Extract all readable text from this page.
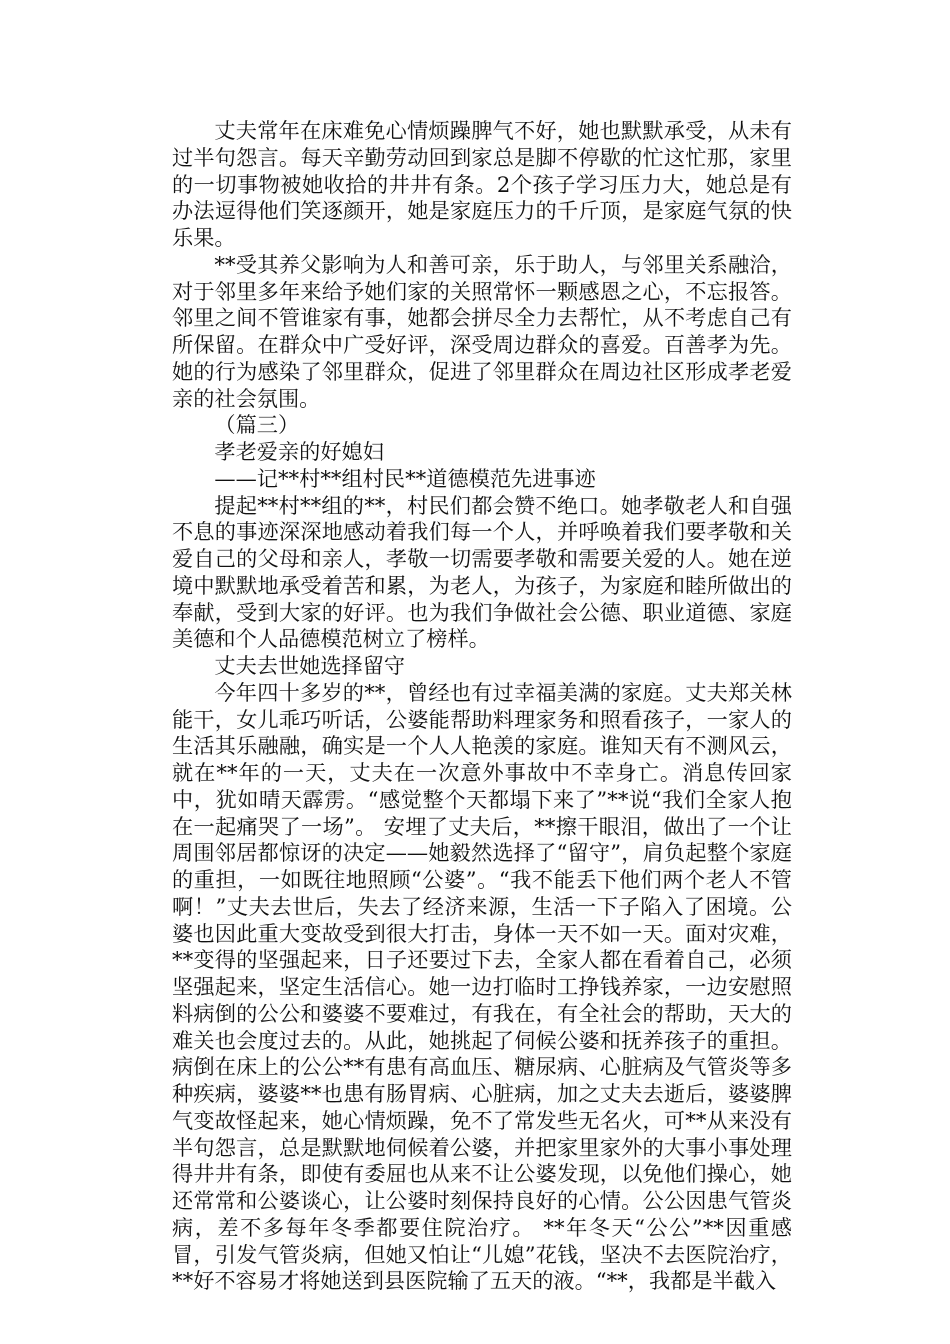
丈夫常年在床难免心情烦躁脾气不好，她也默默承受，从未有过半句怨言。每天辛勤劳动回到家总是脚不停歇的忙这忙那，家里的一切事物被她收拾的井井有条。2个孩子学习压力大，她总是有办法逗得他们笑逐颜开，她是家庭压力的千斤顶，是家庭气氛的快乐果。

**受其养父影响为人和善可亲，乐于助人，与邻里关系融洽，对于邻里多年来给予她们家的关照常怀一颗感恩之心，不忘报答。邻里之间不管谁家有事，她都会拼尽全力去帮忙，从不考虑自己有所保留。在群众中广受好评，深受周边群众的喜爱。百善孝为先。她的行为感染了邻里群众，促进了邻里群众在周边社区形成孝老爱亲的社会氛围。

（篇三）

孝老爱亲的好媳妇

——记**村**组村民**道德模范先进事迹

提起**村**组的**，村民们都会赞不绝口。她孝敬老人和自强不息的事迹深深地感动着我们每一个人，并呼唤着我们要孝敬和关爱自己的父母和亲人，孝敬一切需要孝敬和需要关爱的人。她在逆境中默默地承受着苦和累，为老人，为孩子，为家庭和睦所做出的奉献，受到大家的好评。也为我们争做社会公德、职业道德、家庭美德和个人品德模范树立了榜样。

丈夫去世她选择留守

今年四十多岁的**，曾经也有过幸福美满的家庭。丈夫郑关林能干，女儿乖巧听话，公婆能帮助料理家务和照看孩子，一家人的生活其乐融融，确实是一个人人艳羡的家庭。谁知天有不测风云，就在**年的一天，丈夫在一次意外事故中不幸身亡。消息传回家中，犹如晴天霹雳。“感觉整个天都塌下来了”**说“我们全家人抱在一起痛哭了一场”。 安埋了丈夫后，**擦干眼泪，做出了一个让周围邻居都惊讶的决定——她毅然选择了“留守”，肩负起整个家庭的重担，一如既往地照顾“公婆”。“我不能丢下他们两个老人不管啊！”丈夫去世后，失去了经济来源，生活一下子陷入了困境。公婆也因此重大变故受到很大打击，身体一天不如一天。面对灾难，**变得的坚强起来，日子还要过下去，全家人都在看着自己，必须坚强起来，坚定生活信心。她一边打临时工挣钱养家，一边安慰照料病倒的公公和婆婆不要难过，有我在，有全社会的帮助，天大的难关也会度过去的。从此，她挑起了伺候公婆和抚养孩子的重担。病倒在床上的公公**有患有高血压、糖尿病、心脏病及气管炎等多种疾病，婆婆**也患有肠胃病、心脏病，加之丈夫去逝后，婆婆脾气变故怪起来，她心情烦躁，免不了常发些无名火，可**从来没有半句怨言，总是默默地伺候着公婆，并把家里家外的大事小事处理得井井有条，即使有委屈也从来不让公婆发现，以免他们操心，她还常常和公婆谈心，让公婆时刻保持良好的心情。公公因患气管炎病，差不多每年冬季都要住院治疗。 **年冬天“公公”**因重感冒，引发气管炎病，但她又怕让“儿媳”花钱，坚决不去医院治疗，**好不容易才将她送到县医院输了五天的液。“**，我都是半截入
